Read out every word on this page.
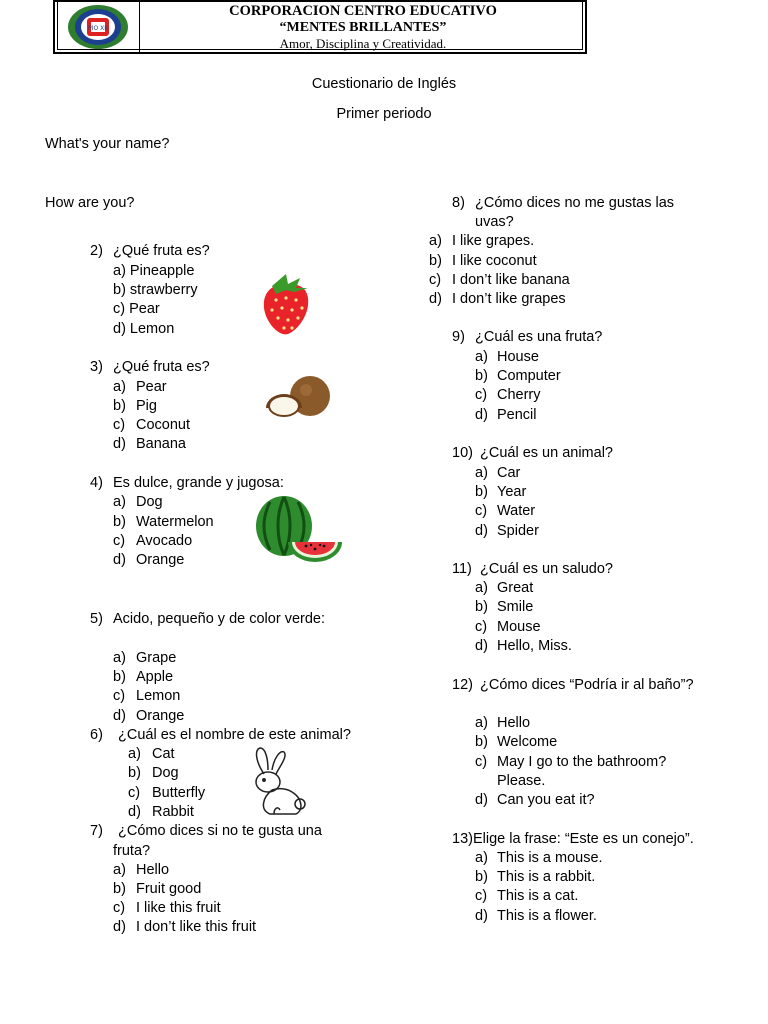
PIO XII
CORPORACION CENTRO EDUCATIVO
“MENTES BRILLANTES”
Amor, Disciplina y Creatividad.
Cuestionario de Inglés
Primer periodo
What's your name?
How are you?
2) ¿Qué fruta es?
a) Pineapple
b) strawberry
c) Pear
d) Lemon
3) ¿Qué fruta es?
a) Pear
b) Pig
c) Coconut
d) Banana
4) Es dulce, grande y jugosa:
a) Dog
b) Watermelon
c) Avocado
d) Orange
5) Acido, pequeño y de color verde:
a) Grape
b) Apple
c) Lemon
d) Orange
6) ¿Cuál es el nombre de este animal?
a) Cat
b) Dog
c) Butterfly
d) Rabbit
7) ¿Cómo dices si no te gusta una
fruta?
a) Hello
b) Fruit good
c) I like this fruit
d) I don’t like this fruit
8) ¿Cómo dices no me gustas las
uvas?
a) I like grapes.
b) I like coconut
c) I don’t like banana
d) I don’t like grapes
9) ¿Cuál es una fruta?
a) House
b) Computer
c) Cherry
d) Pencil
10) ¿Cuál es un animal?
a) Car
b) Year
c) Water
d) Spider
11) ¿Cuál es un saludo?
a) Great
b) Smile
c) Mouse
d) Hello, Miss.
12) ¿Cómo dices “Podría ir al baño”?
a) Hello
b) Welcome
c) May I go to the bathroom?
Please.
d) Can you eat it?
13)Elige la frase: “Este es un conejo”.
a) This is a mouse.
b) This is a rabbit.
c) This is a cat.
d) This is a flower.
